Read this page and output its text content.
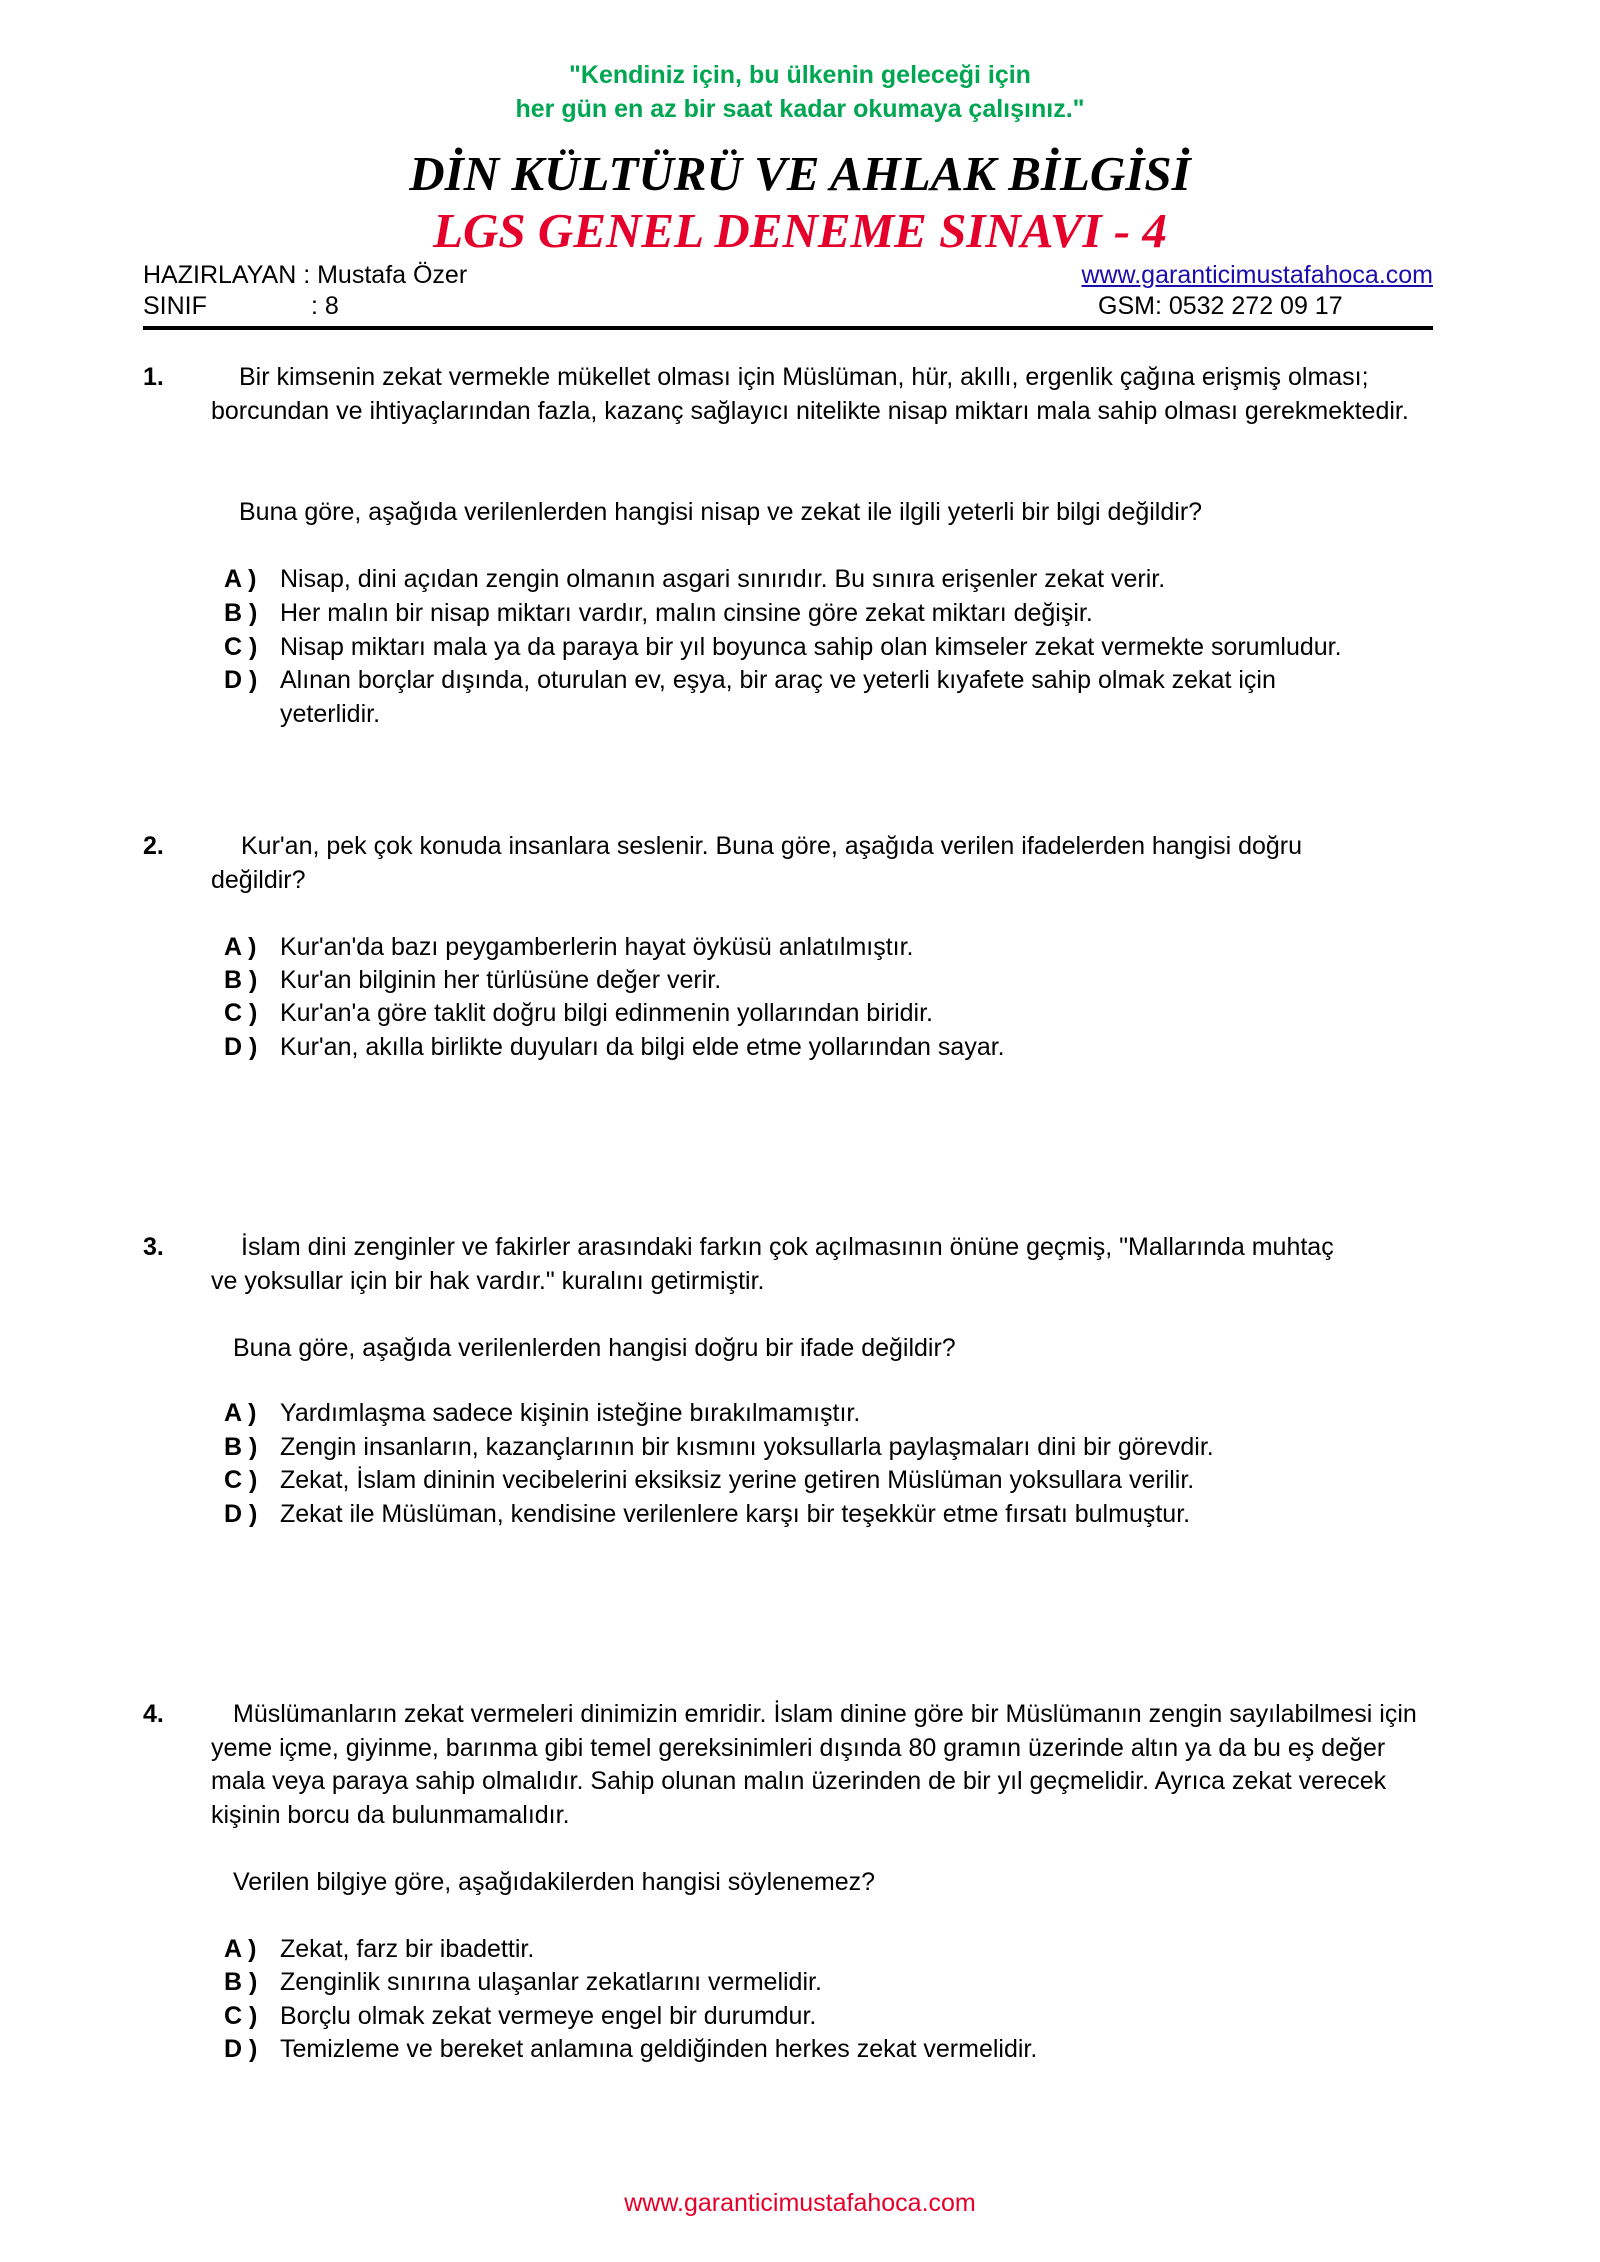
"Kendiniz için, bu ülkenin geleceği için
her gün en az bir saat kadar okumaya çalışınız."
DİN KÜLTÜRÜ VE AHLAK BİLGİSİ
LGS GENEL DENEME SINAVI - 4
HAZIRLAYAN : Mustafa Özer
SINIF	: 8
www.garanticimustafahoca.com
GSM: 0532 272 09 17
1.	Bir kimsenin zekat vermekle mükellet olması için Müslüman, hür, akıllı, ergenlik çağına erişmiş olması; borcundan ve ihtiyaçlarından fazla, kazanç sağlayıcı nitelikte nisap miktarı mala sahip olması gerekmektedir.

Buna göre, aşağıda verilenlerden hangisi nisap ve zekat ile ilgili yeterli bir bilgi değildir?

A ) Nisap, dini açıdan zengin olmanın asgari sınırıdır. Bu sınıra erişenler zekat verir.
B ) Her malın bir nisap miktarı vardır, malın cinsine göre zekat miktarı değişir.
C ) Nisap miktarı mala ya da paraya bir yıl boyunca sahip olan kimseler zekat vermekte sorumludur.
D ) Alınan borçlar dışında, oturulan ev, eşya, bir araç ve yeterli kıyafete sahip olmak zekat için yeterlidir.
2.	Kur'an, pek çok konuda insanlara seslenir. Buna göre, aşağıda verilen ifadelerden hangisi doğru değildir?

A ) Kur'an'da bazı peygamberlerin hayat öyküsü anlatılmıştır.
B ) Kur'an bilginin her türlüsüne değer verir.
C ) Kur'an'a göre taklit doğru bilgi edinmenin yollarından biridir.
D ) Kur'an, akılla birlikte duyuları da bilgi elde etme yollarından sayar.
3.	İslam dini zenginler ve fakirler arasındaki farkın çok açılmasının önüne geçmiş, "Mallarında muhtaç ve yoksullar için bir hak vardır." kuralını getirmiştir.

Buna göre, aşağıda verilenlerden hangisi doğru bir ifade değildir?

A ) Yardımlaşma sadece kişinin isteğine bırakılmamıştır.
B ) Zengin insanların, kazançlarının bir kısmını yoksullarla paylaşmaları dini bir görevdir.
C ) Zekat, İslam dininin vecibelerini eksiksiz yerine getiren Müslüman yoksullara verilir.
D ) Zekat ile Müslüman, kendisine verilenlere karşı bir teşekkür etme fırsatı bulmuştur.
4.	Müslümanların zekat vermeleri dinimizin emridir. İslam dinine göre bir Müslümanın zengin sayılabilmesi için yeme içme, giyinme, barınma gibi temel gereksinimleri dışında 80 gramın üzerinde altın ya da bu eş değer mala veya paraya sahip olmalıdır. Sahip olunan malın üzerinden de bir yıl geçmelidir. Ayrıca zekat verecek kişinin borcu da bulunmamalıdır.

Verilen bilgiye göre, aşağıdakilerden hangisi söylenemez?

A ) Zekat, farz bir ibadettir.
B ) Zenginlik sınırına ulaşanlar zekatlarını vermelidir.
C ) Borçlu olmak zekat vermeye engel bir durumdur.
D ) Temizleme ve bereket anlamına geldiğinden herkes zekat vermelidir.
www.garanticimustafahoca.com
